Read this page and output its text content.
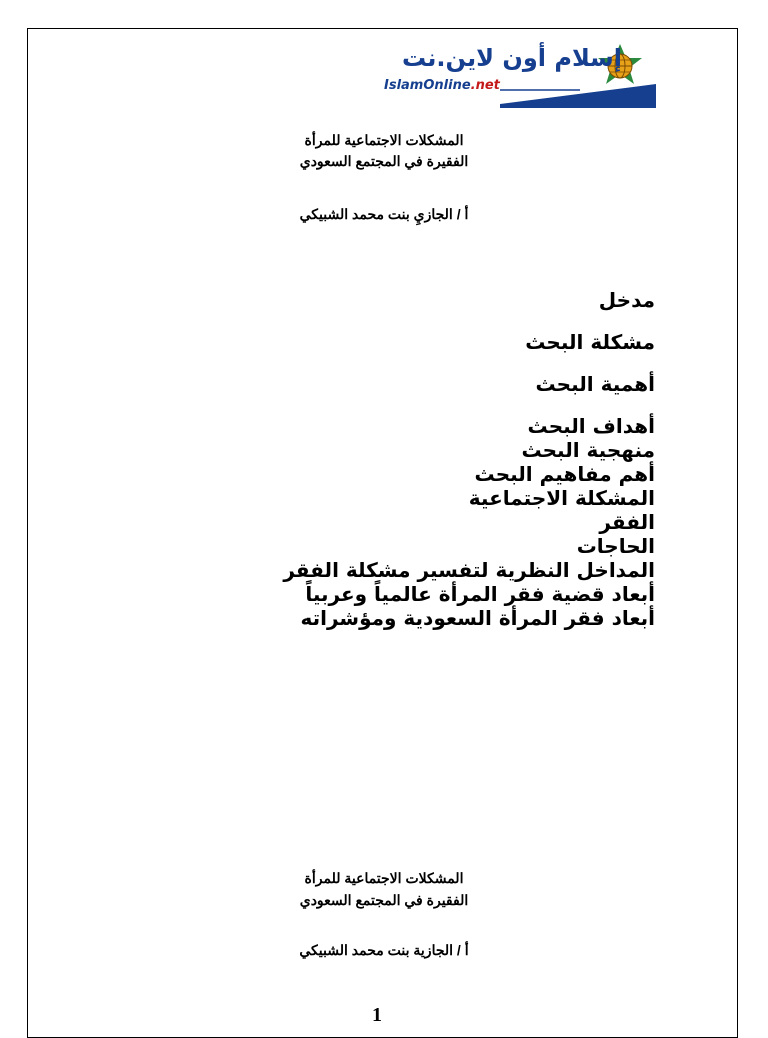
إسلام أون لاين.نت
IslamOnline.net
المشكلات الاجتماعية للمرأة
الفقيرة في المجتمع السعودي
أ / الجازيِ بنت محمد الشبيكي
مدخل
مشكلة البحث
أهمية البحث
أهداف البحث
منهجية البحث
أهم مفاهيم البحث
المشكلة الاجتماعية
الفقر
الحاجات
المداخل النظرية لتفسير مشكلة الفقر
أبعاد قضية فقر المرأة عالمياً وعربياً
أبعاد فقر المرأة السعودية ومؤشراته
المشكلات الاجتماعية للمرأة
الفقيرة في المجتمع السعودي
أ / الجازية بنت محمد الشبيكي
1
